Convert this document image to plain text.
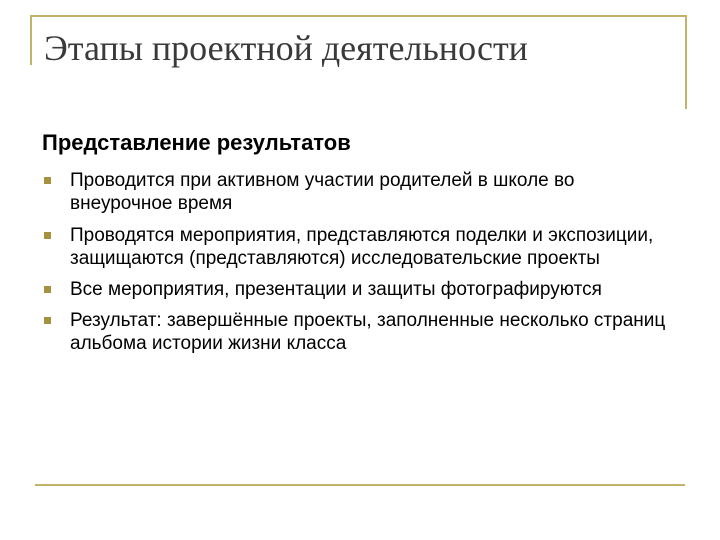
Этапы проектной деятельности
Представление результатов
Проводится при активном участии родителей в школе во внеурочное время
Проводятся мероприятия, представляются поделки и экспозиции, защищаются (представляются) исследовательские проекты
Все мероприятия, презентации и защиты фотографируются
Результат: завершённые проекты, заполненные несколько страниц альбома истории жизни класса
